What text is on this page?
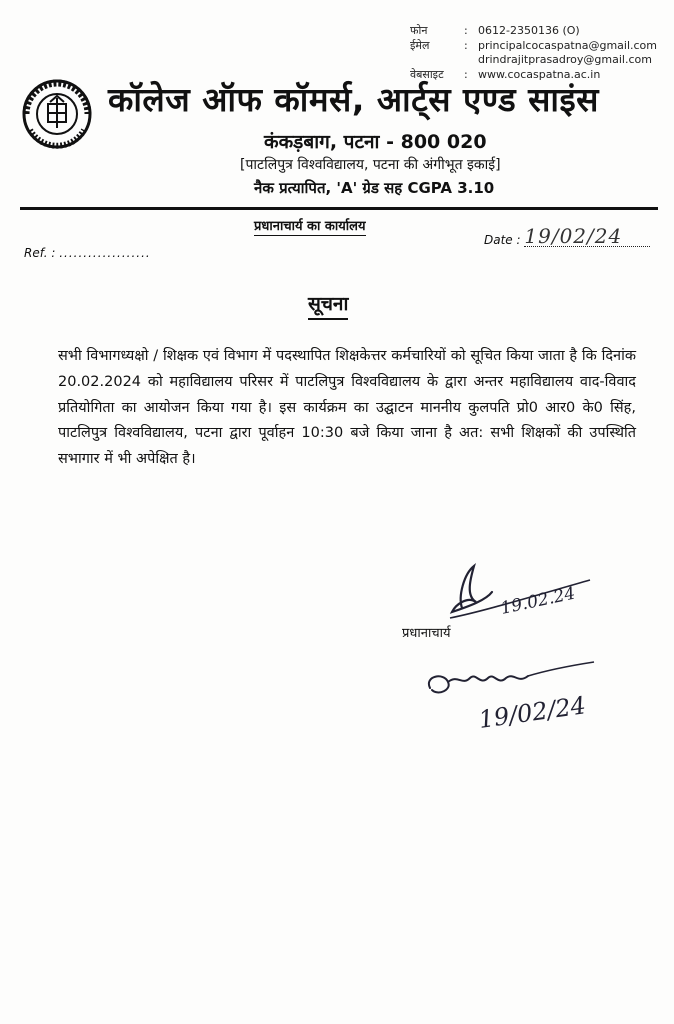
फोन	: 0612-2350136 (O)
ईमेल	: principalcocaspatna@gmail.com
drindrajitprasadroy@gmail.com
वेबसाइट	: www.cocaspatna.ac.in
कॉलेज ऑफ कॉमर्स, आर्ट्स एण्ड साइंस
कंकड़बाग, पटना - 800 020
[पाटलिपुत्र विश्वविद्यालय, पटना की अंगीभूत इकाई]
नैक प्रत्यापित, 'A' ग्रेड सह CGPA 3.10
प्रधानाचार्य का कार्यालय
Ref. : ...................
Date : 19/02/24
सूचना
सभी विभागध्यक्षो / शिक्षक एवं विभाग में पदस्थापित शिक्षकेत्तर कर्मचारियों को सूचित किया जाता है कि दिनांक 20.02.2024 को महाविद्यालय परिसर में पाटलिपुत्र विश्वविद्यालय के द्वारा अन्तर महाविद्यालय वाद-विवाद प्रतियोगिता का आयोजन किया गया है। इस कार्यक्रम का उद्घाटन माननीय कुलपति प्रो0 आर0 के0 सिंह, पाटलिपुत्र विश्वविद्यालय, पटना द्वारा पूर्वाहन 10:30 बजे किया जाना है अत: सभी शिक्षकों की उपस्थिति सभागार में भी अपेक्षित है।
19.02.24
प्रधानाचार्य
19/02/24
